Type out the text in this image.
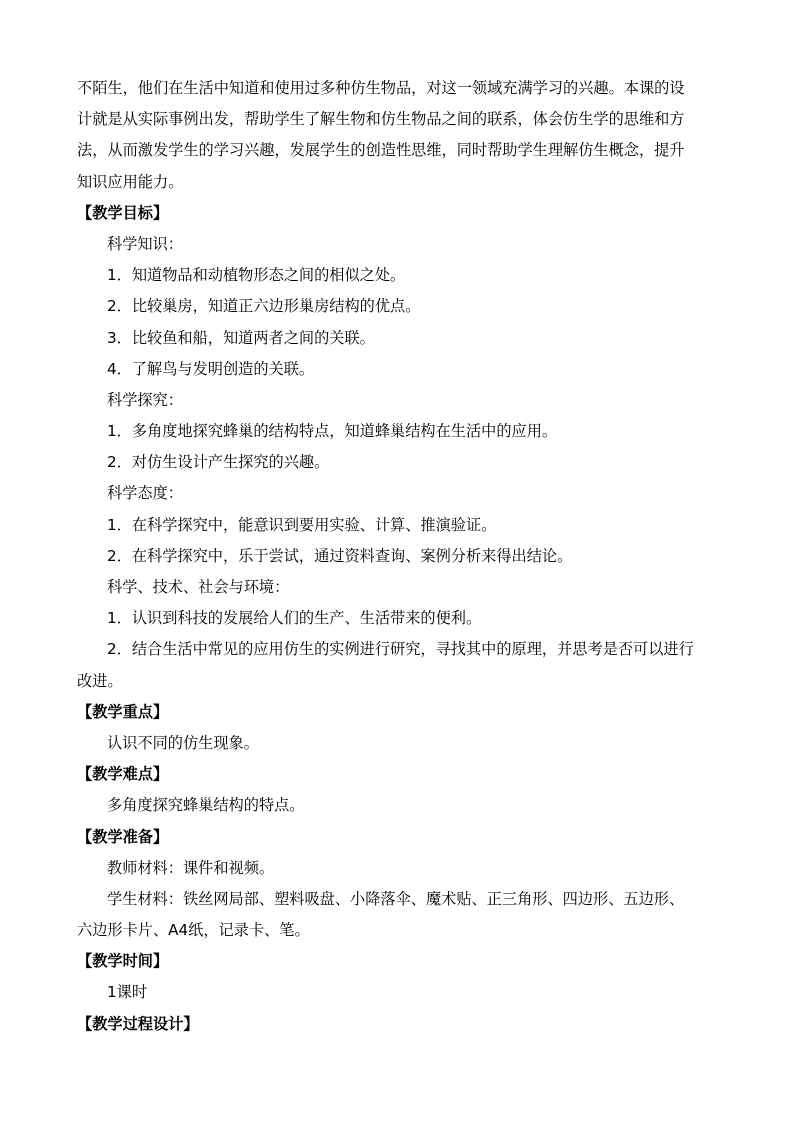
不陌生，他们在生活中知道和使用过多种仿生物品，对这一领域充满学习的兴趣。本课的设
计就是从实际事例出发，帮助学生了解生物和仿生物品之间的联系，体会仿生学的思维和方
法，从而激发学生的学习兴趣，发展学生的创造性思维，同时帮助学生理解仿生概念，提升
知识应用能力。
【教学目标】
科学知识：
1．知道物品和动植物形态之间的相似之处。
2．比较巢房，知道正六边形巢房结构的优点。
3．比较鱼和船，知道两者之间的关联。
4．了解鸟与发明创造的关联。
科学探究：
1．多角度地探究蜂巢的结构特点，知道蜂巢结构在生活中的应用。
2．对仿生设计产生探究的兴趣。
科学态度：
1．在科学探究中，能意识到要用实验、计算、推演验证。
2．在科学探究中，乐于尝试，通过资料查询、案例分析来得出结论。
科学、技术、社会与环境：
1．认识到科技的发展给人们的生产、生活带来的便利。
2．结合生活中常见的应用仿生的实例进行研究，寻找其中的原理，并思考是否可以进行
改进。
【教学重点】
认识不同的仿生现象。
【教学难点】
多角度探究蜂巢结构的特点。
【教学准备】
教师材料：课件和视频。
学生材料：铁丝网局部、塑料吸盘、小降落伞、魔术贴、正三角形、四边形、五边形、
六边形卡片、A4纸，记录卡、笔。
【教学时间】
1课时
【教学过程设计】
